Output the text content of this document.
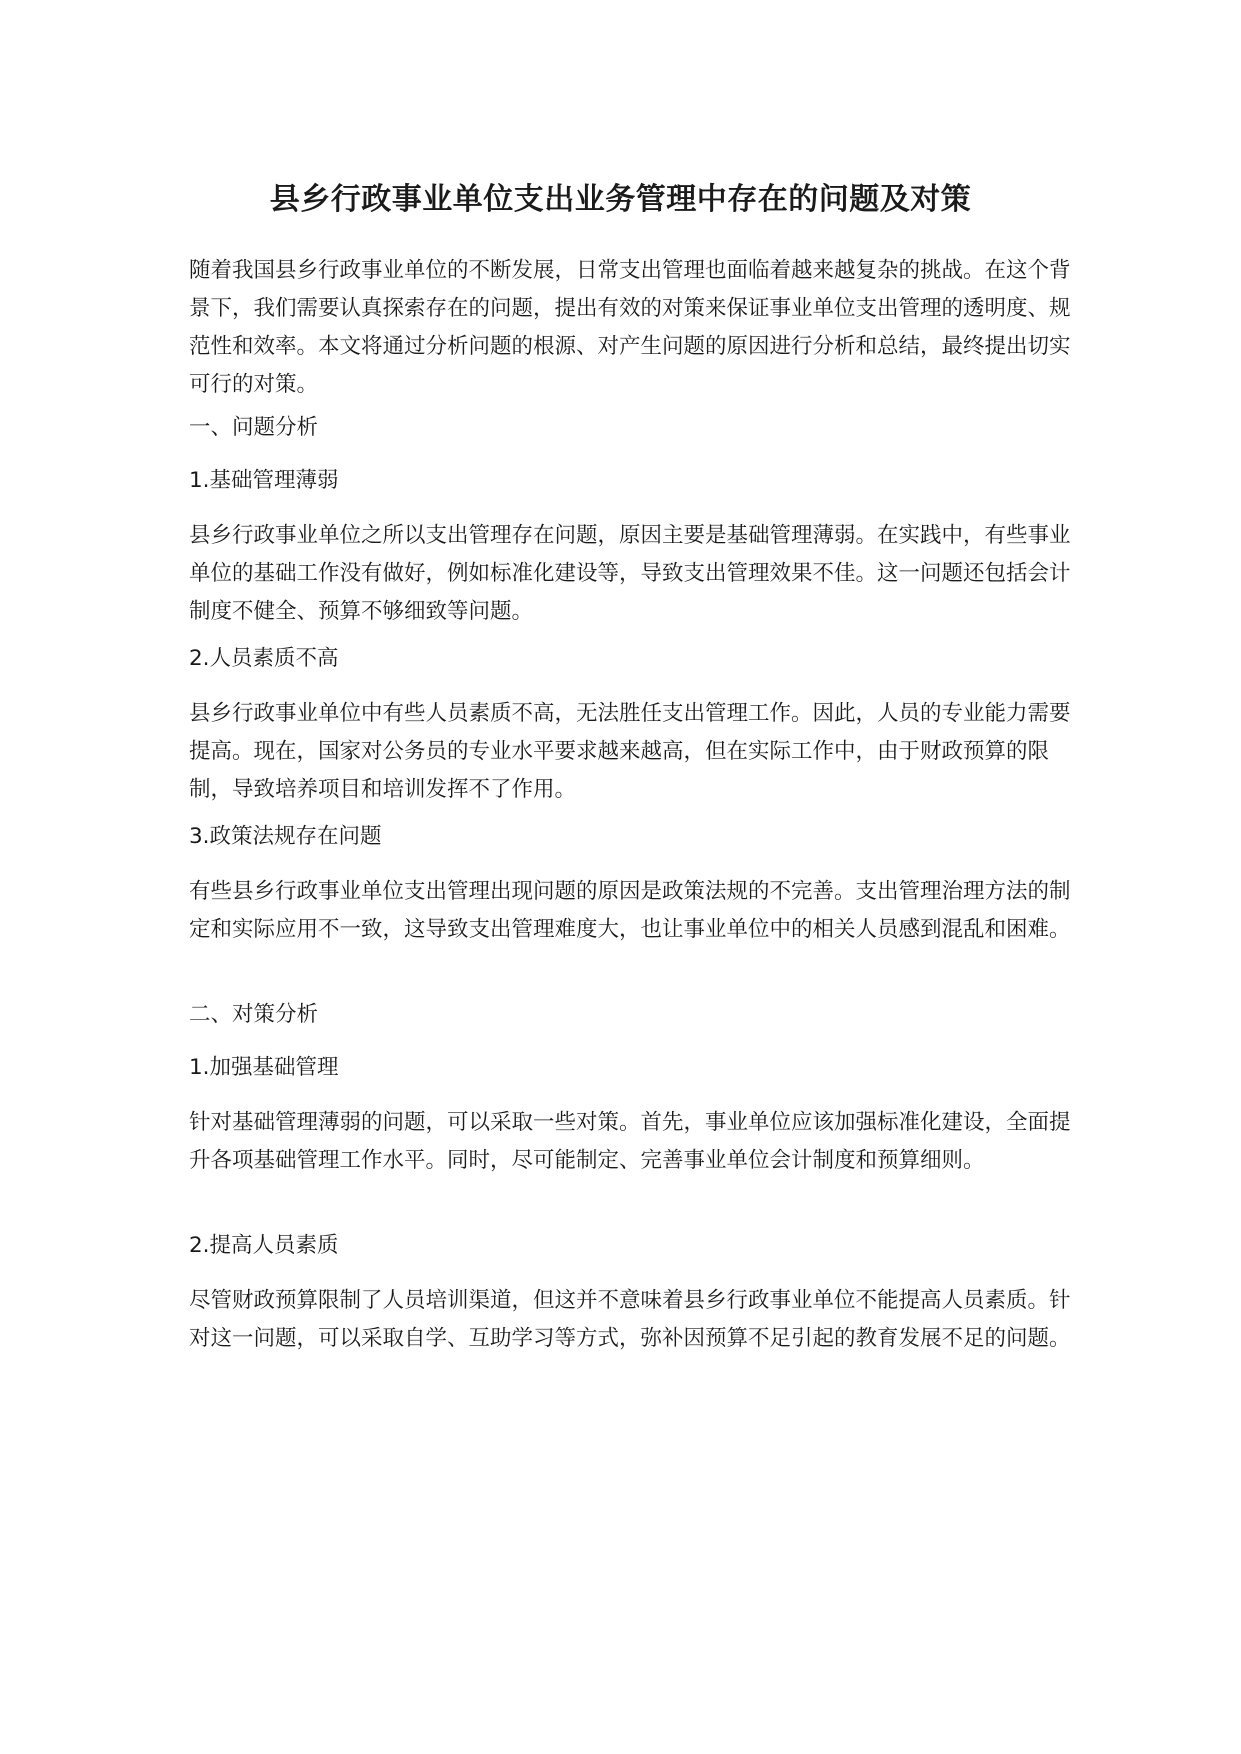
县乡行政事业单位支出业务管理中存在的问题及对策

随着我国县乡行政事业单位的不断发展，日常支出管理也面临着越来越复杂的挑战。在这个背景下，我们需要认真探索存在的问题，提出有效的对策来保证事业单位支出管理的透明度、规范性和效率。本文将通过分析问题的根源、对产生问题的原因进行分析和总结，最终提出切实可行的对策。

一、问题分析

1.基础管理薄弱

县乡行政事业单位之所以支出管理存在问题，原因主要是基础管理薄弱。在实践中，有些事业单位的基础工作没有做好，例如标准化建设等，导致支出管理效果不佳。这一问题还包括会计制度不健全、预算不够细致等问题。

2.人员素质不高

县乡行政事业单位中有些人员素质不高，无法胜任支出管理工作。因此，人员的专业能力需要提高。现在，国家对公务员的专业水平要求越来越高，但在实际工作中，由于财政预算的限制，导致培养项目和培训发挥不了作用。

3.政策法规存在问题

有些县乡行政事业单位支出管理出现问题的原因是政策法规的不完善。支出管理治理方法的制定和实际应用不一致，这导致支出管理难度大，也让事业单位中的相关人员感到混乱和困难。

二、对策分析

1.加强基础管理

针对基础管理薄弱的问题，可以采取一些对策。首先，事业单位应该加强标准化建设，全面提升各项基础管理工作水平。同时，尽可能制定、完善事业单位会计制度和预算细则。

2.提高人员素质

尽管财政预算限制了人员培训渠道，但这并不意味着县乡行政事业单位不能提高人员素质。针对这一问题，可以采取自学、互助学习等方式，弥补因预算不足引起的教育发展不足的问题。
